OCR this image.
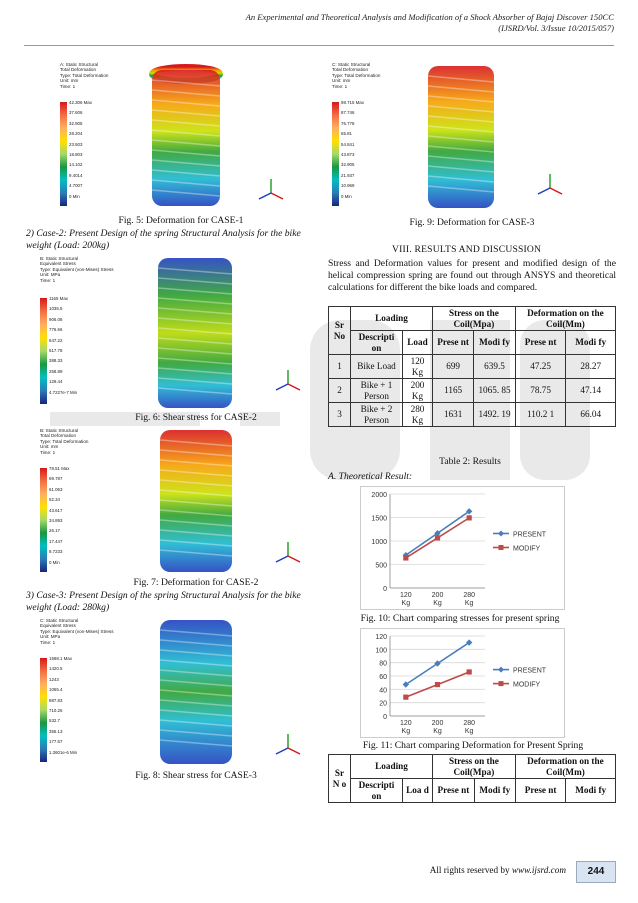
An Experimental and Theoretical Analysis and Modification of a Shock Absorber of Bajaj Discover 150CC
(IJSRD/Vol. 3/Issue 10/2015/057)
A: Static Structural
Total Deformation
Type: Total Deformation
Unit: mm
Time: 1
42.306 Max
37.606
32.905
28.204
23.503
18.803
14.102
9.4014
4.7007
0 Min
Fig. 5: Deformation for CASE-1
2) Case-2: Present Design of the spring Structural Analysis for the bike weight (Load: 200kg)
B: Static Structural
Equivalent Stress
Type: Equivalent (von-Mises) Stress
Unit: MPa
Time: 1
1165 Max
1035.5
906.08
776.66
647.22
517.78
388.33
258.89
129.44
4.7227e-7 Min
Fig. 6: Shear stress for CASE-2
B: Static Structural
Total Deformation
Type: Total Deformation
Unit: mm
Time: 1
78.51 Max
69.787
61.063
52.34
43.617
34.893
26.17
17.447
8.7233
0 Min
Fig. 7: Deformation for CASE-2
3) Case-3: Present Design of the spring Structural Analysis for the bike weight (Load: 280kg)
C: Static Structural
Equivalent Stress
Type: Equivalent (von-Mises) Stress
Unit: MPa
Time: 1
1598.1 Max
1420.5
1243
1065.4
887.83
710.26
532.7
355.13
177.57
1.3601e-6 Min
Fig. 8: Shear stress for CASE-3
C: Static Structural
Total Deformation
Type: Total Deformation
Unit: mm
Time: 1
98.715 Max
87.746
76.778
65.81
54.841
43.873
32.905
21.937
10.969
0 Min
Fig. 9: Deformation for CASE-3
VIII. RESULTS AND DISCUSSION
Stress and Deformation values for present and modified design of the helical compression spring are found out through ANSYS and theoretical calculations for different the bike loads and compared.
Sr No	Loading		Stress on the Coil(Mpa)		Deformation on the Coil(Mm)	
	Descripti on	Load	Prese nt	Modi fy	Prese nt	Modi fy
1	Bike Load	120 Kg	699	639.5	47.25	28.27
2	Bike + 1 Person	200 Kg	1165	1065. 85	78.75	47.14
3	Bike + 2 Person	280 Kg	1631	1492. 19	110.2 1	66.04
Table 2: Results
A. Theoretical Result:
0
500
1000
1500
2000
120
Kg
200
Kg
280
Kg
PRESENT
MODIFY
Fig. 10: Chart comparing stresses for present spring
0
20
40
60
80
100
120
120
Kg
200
Kg
280
Kg
PRESENT
MODIFY
Fig. 11: Chart comparing Deformation for Present Spring
Sr N o	Loading		Stress on the Coil(Mpa)		Deformation on the Coil(Mm)	
	Descripti on	Loa d	Prese nt	Modi fy	Prese nt	Modi fy
All rights reserved by www.ijsrd.com	244
